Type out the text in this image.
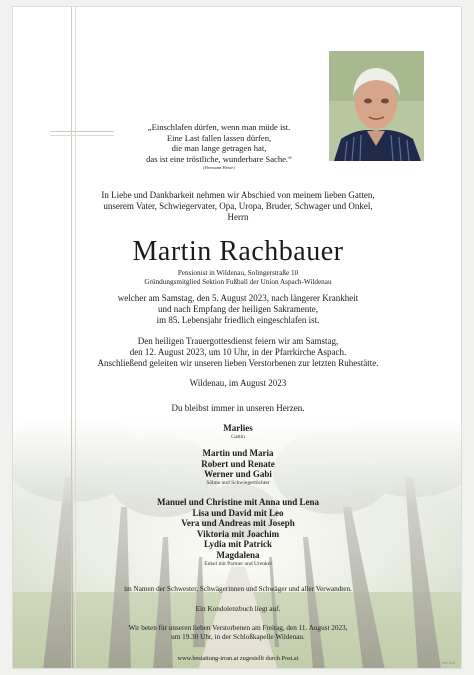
„Einschlafen dürfen, wenn man müde ist.
Eine Last fallen lassen dürfen,
die man lange getragen hat,
das ist eine tröstliche, wunderbare Sache.“
(Hermann Hesse)
In Liebe und Dankbarkeit nehmen wir Abschied von meinem lieben Gatten,
unserem Vater, Schwiegervater, Opa, Uropa, Bruder, Schwager und Onkel,
Herrn
Martin Rachbauer
Pensionist in Wildenau, Solingerstraße 10
Gründungsmitglied Sektion Fußball der Union Aspach-Wildenau
welcher am Samstag, den 5. August 2023, nach längerer Krankheit
und nach Empfang der heiligen Sakramente,
im 85. Lebensjahr friedlich eingeschlafen ist.
Den heiligen Trauergottesdienst feiern wir am Samstag,
den 12. August 2023, um 10 Uhr, in der Pfarrkirche Aspach.
Anschließend geleiten wir unseren lieben Verstorbenen zur letzten Ruhestätte.
Wildenau, im August 2023
Du bleibst immer in unseren Herzen.
Marlies
Gattin
Martin und Maria
Robert und Renate
Werner und Gabi
Söhne und Schwiegertöchter
Manuel und Christine mit Anna und Lena
Lisa und David mit Leo
Vera und Andreas mit Joseph
Viktoria mit Joachim
Lydia mit Patrick
Magdalena
Enkel mit Partner und Urenkel
im Namen der Schwester, Schwägerinnen und Schwäger und aller Verwandten.
Ein Kondolenzbuch liegt auf.
Wir beten für unseren lieben Verstorbenen am Freitag, den 11. August 2023,
um 19.30 Uhr, in der Schloßkapelle Wildenau.
www.bestattung-irran.at zugestellt durch Post.at
T-MF-WID
